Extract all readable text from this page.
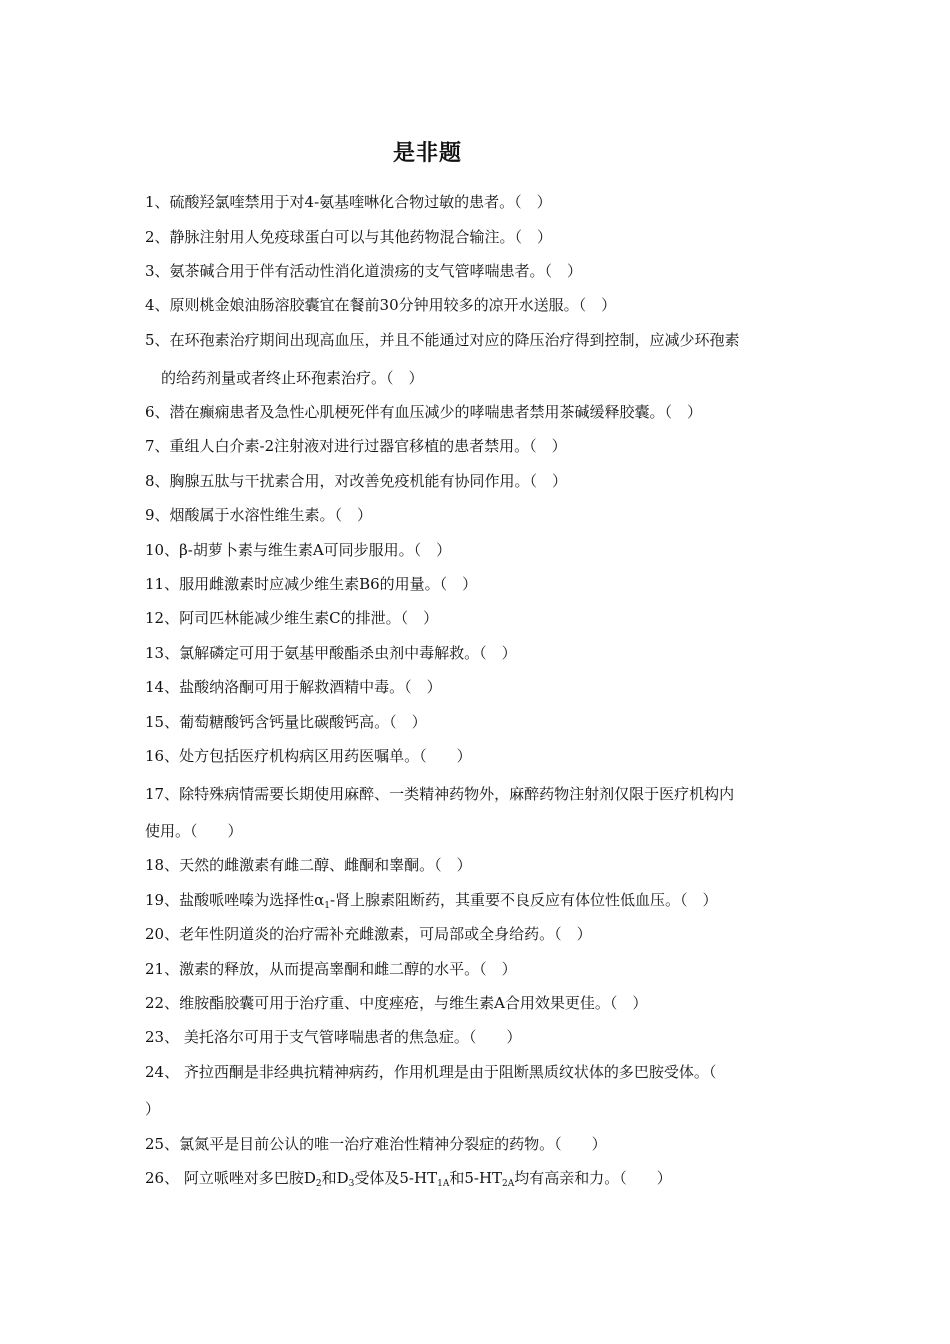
是非题
1、硫酸羟氯喹禁用于对4-氨基喹啉化合物过敏的患者。（　）
2、静脉注射用人免疫球蛋白可以与其他药物混合输注。（　）
3、氨茶碱合用于伴有活动性消化道溃疡的支气管哮喘患者。（　）
4、原则桃金娘油肠溶胶囊宜在餐前30分钟用较多的凉开水送服。（　）
5、在环孢素治疗期间出现高血压，并且不能通过对应的降压治疗得到控制，应减少环孢素
的给药剂量或者终止环孢素治疗。（　）
6、潜在癫痫患者及急性心肌梗死伴有血压减少的哮喘患者禁用茶碱缓释胶囊。（　）
7、重组人白介素-2注射液对进行过器官移植的患者禁用。（　）
8、胸腺五肽与干扰素合用，对改善免疫机能有协同作用。（　）
9、烟酸属于水溶性维生素。（　）
10、β-胡萝卜素与维生素A可同步服用。（　）
11、服用雌激素时应减少维生素B6的用量。（　）
12、阿司匹林能减少维生素C的排泄。（　）
13、氯解磷定可用于氨基甲酸酯杀虫剂中毒解救。（　）
14、盐酸纳洛酮可用于解救酒精中毒。（　）
15、葡萄糖酸钙含钙量比碳酸钙高。（　）
16、处方包括医疗机构病区用药医嘱单。（　　）
17、除特殊病情需要长期使用麻醉、一类精神药物外，麻醉药物注射剂仅限于医疗机构内
使用。（　　）
18、天然的雌激素有雌二醇、雌酮和睾酮。（　）
19、盐酸哌唑嗪为选择性$\alpha_1-$肾上腺素阻断药，其重要不良反应有体位性低血压。（　）
20、老年性阴道炎的治疗需补充雌激素，可局部或全身给药。（　）
21、激素的释放，从而提高睾酮和雌二醇的水平。（　）
22、维胺酯胶囊可用于治疗重、中度痤疮，与维生素A合用效果更佳。（　）
23、 美托洛尔可用于支气管哮喘患者的焦急症。（　　）
24、 齐拉西酮是非经典抗精神病药，作用机理是由于阻断黑质纹状体的多巴胺受体。（
）
25、氯氮平是目前公认的唯一治疗难治性精神分裂症的药物。（　　）
26、 阿立哌唑对多巴胺$D_2$和$D_3$受体及$5-HT_{1A}$和$5-HT_{2A}$均有高亲和力。（　　）
